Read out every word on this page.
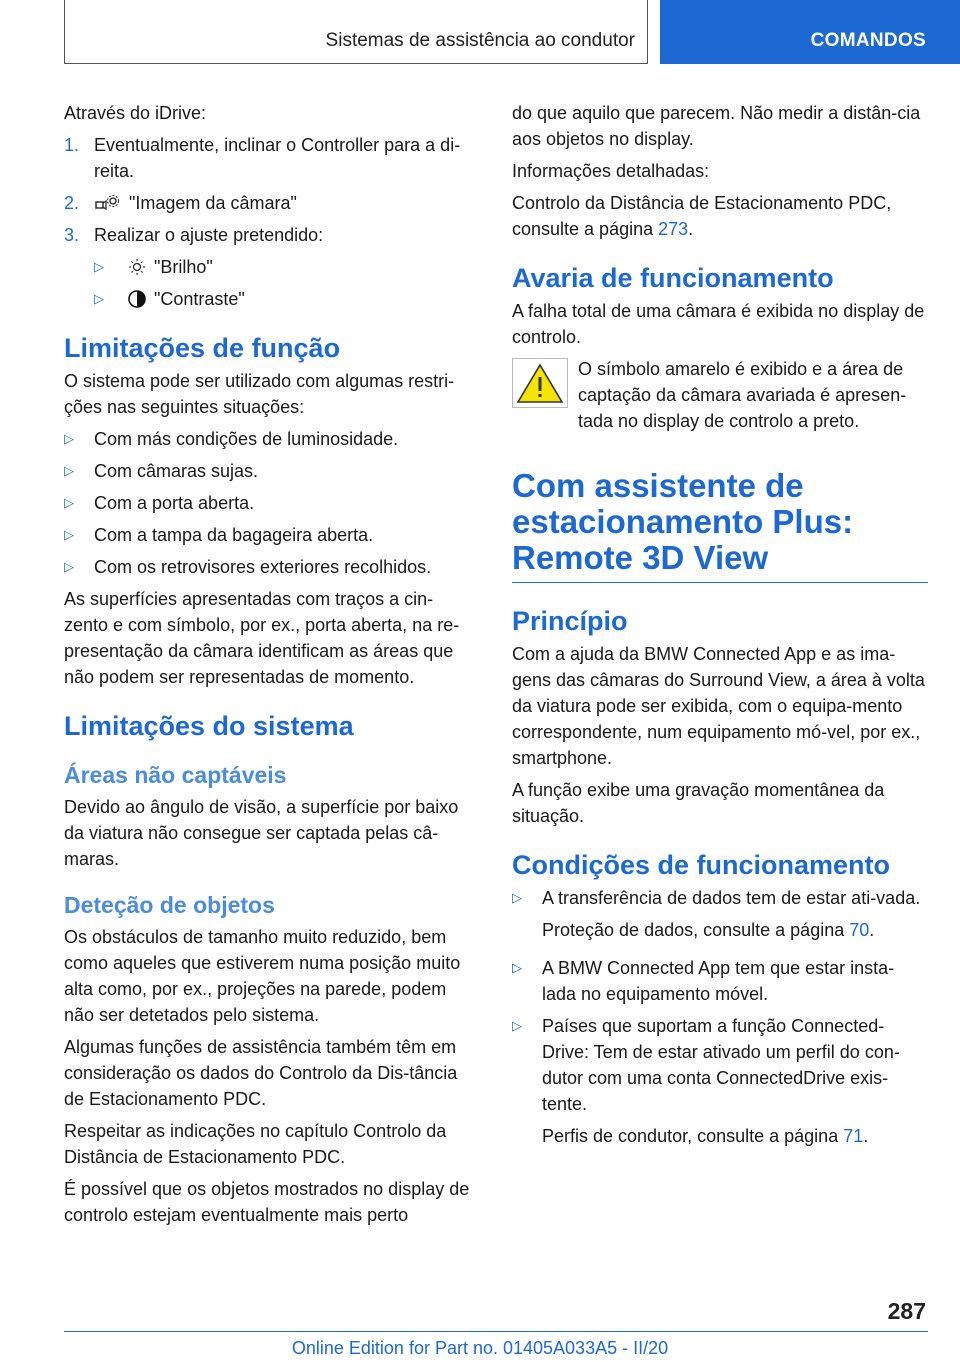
Sistemas de assistência ao condutor	COMANDOS

Através do iDrive:

1. Eventualmente, inclinar o Controller para a di-reita.
2.	"Imagem da câmara"
3. Realizar o ajuste pretendido:
▷	"Brilho"
▷	"Contraste"
Limitações de função

O sistema pode ser utilizado com algumas restri-ções nas seguintes situações:

▷	Com más condições de luminosidade.
▷	Com câmaras sujas.
▷	Com a porta aberta.
▷	Com a tampa da bagageira aberta.
▷	Com os retrovisores exteriores recolhidos.

As superfícies apresentadas com traços a cin-zento e com símbolo, por ex., porta aberta, na re-presentação da câmara identificam as áreas que não podem ser representadas de momento.

Limitações do sistema
Áreas não captáveis

Devido ao ângulo de visão, a superfície por baixo da viatura não consegue ser captada pelas câ-maras.

Deteção de objetos

Os obstáculos de tamanho muito reduzido, bem como aqueles que estiverem numa posição muito alta como, por ex., projeções na parede, podem não ser detetados pelo sistema.

Algumas funções de assistência também têm em consideração os dados do Controlo da Dis-tância de Estacionamento PDC.

Respeitar as indicações no capítulo Controlo da Distância de Estacionamento PDC.

É possível que os objetos mostrados no display de controlo estejam eventualmente mais perto

do que aquilo que parecem. Não medir a distân-cia aos objetos no display.

Informações detalhadas:

Controlo da Distância de Estacionamento PDC, consulte a página 273.

Avaria de funcionamento

A falha total de uma câmara é exibida no display de controlo.

O símbolo amarelo é exibido e a área de captação da câmara avariada é apresen-tada no display de controlo a preto.
Com assistente de estacionamento Plus: Remote 3D View
Princípio

Com a ajuda da BMW Connected App e as ima-gens das câmaras do Surround View, a área à volta da viatura pode ser exibida, com o equipa-mento correspondente, num equipamento mó-vel, por ex., smartphone.

A função exibe uma gravação momentânea da situação.

Condições de funcionamento
▷	A transferência de dados tem de estar ati-vada.

Proteção de dados, consulte a página 70.

▷	A BMW Connected App tem que estar insta-lada no equipamento móvel.
▷	Países que suportam a função Connected-Drive: Tem de estar ativado um perfil do con-dutor com uma conta ConnectedDrive exis-tente.

Perfis de condutor, consulte a página 71.

287
Online Edition for Part no. 01405A033A5 - II/20
